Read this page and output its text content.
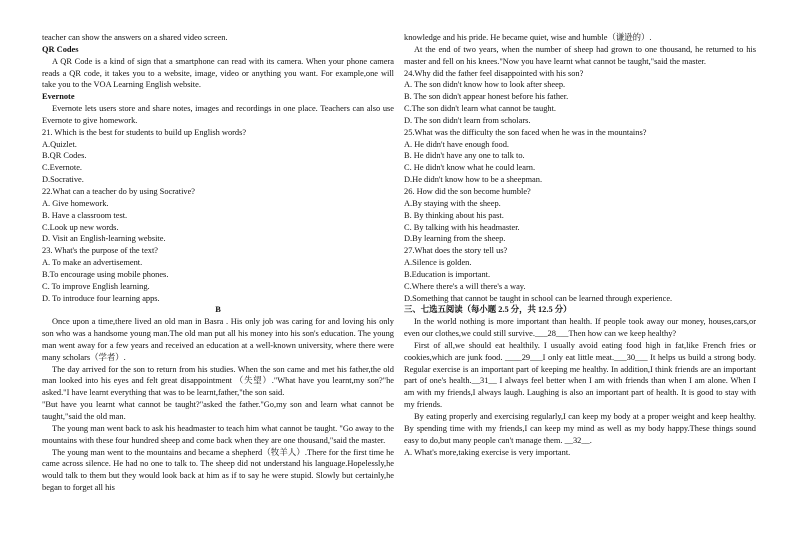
teacher can show the answers on a shared video screen.

QR Codes

A QR Code is a kind of sign that a smartphone can read with its camera. When your phone camera reads a QR code, it takes you to a website, image, video or anything you want. For example,one will take you to the VOA Learning English website.

Evernote

Evernote lets users store and share notes, images and recordings in one place. Teachers can also use Evernote to give homework.

21. Which is the best for students to build up English words?

A.Quizlet.

B.QR Codes.

C.Evernote.

D.Socrative.

22.What can a teacher do by using Socrative?

A. Give homework.

B. Have a classroom test.

C.Look up new words.

D. Visit an English-learning website.

23. What's the purpose of the text?

A. To make an advertisement.

B.To encourage using mobile phones.

C. To improve English learning.

D. To introduce four learning apps.

B

Once upon a time,there lived an old man in Basra . His only job was caring for and loving his only son who was a handsome young man.The old man put all his money into his son's education. The young man went away for a few years and received an education at a well-known university, where there were many scholars（学者）.

The day arrived for the son to return from his studies. When the son came and met his father,the old man looked into his eyes and felt great disappointment （失望）."What have you learnt,my son?"he asked."I have learnt everything that was to be learnt,father,"the son said.

"But have you learnt what cannot be taught?"asked the father."Go,my son and learn what cannot be taught,"said the old man.

The young man went back to ask his headmaster to teach him what cannot be taught. "Go away to the mountains with these four hundred sheep and come back when they are one thousand,"said the master.

The young man went to the mountains and became a shepherd（牧羊人）.There for the first time he came across silence. He had no one to talk to. The sheep did not understand his language.Hopelessly,he would talk to them but they would look back at him as if to say he were stupid. Slowly but certainly,he began to forget all his

knowledge and his pride. He became quiet, wise and humble（谦逊的）.

At the end of two years, when the number of sheep had grown to one thousand, he returned to his master and fell on his knees."Now you have learnt what cannot be taught,"said the master.

24.Why did the father feel disappointed with his son?

A. The son didn't know how to look after sheep.

B. The son didn't appear honest before his father.

C.The son didn't learn what cannot be taught.

D. The son didn't learn from scholars.

25.What was the difficulty the son faced when he was in the mountains?

A. He didn't have enough food.

B. He didn't have any one to talk to.

C. He didn't know what he could learn.

D.He didn't know how to be a sheepman.

26. How did the son become humble?

A.By staying with the sheep.

B. By thinking about his past.

C. By talking with his headmaster.

D.By learning from the sheep.

27.What does the story tell us?

A.Silence is golden.

B.Education is important.

C.Where there's a will there's a way.

D.Something that cannot be taught in school can be learned through experience.

三、七选五阅读（每小题 2.5 分，共 12.5 分）

In the world nothing is more important than health. If people took away our money, houses,cars,or even our clothes,we could still survive.___28___Then how can we keep healthy?

First of all,we should eat healthily. I usually avoid eating food high in fat,like French fries or cookies,which are junk food. ____29___I only eat little meat.___30___ It helps us build a strong body. Regular exercise is an important part of keeping me healthy. In addition,I think friends are an important part of one's health.__31__ I always feel better when I am with friends than when I am alone. When I am with my friends,I always laugh. Laughing is also an important part of health. It is good to stay with my friends.

By eating properly and exercising regularly,I can keep my body at a proper weight and keep healthy. By spending time with my friends,I can keep my mind as well as my body happy.These things sound easy to do,but many people can't manage them. __32__.

A. What's more,taking exercise is very important.
